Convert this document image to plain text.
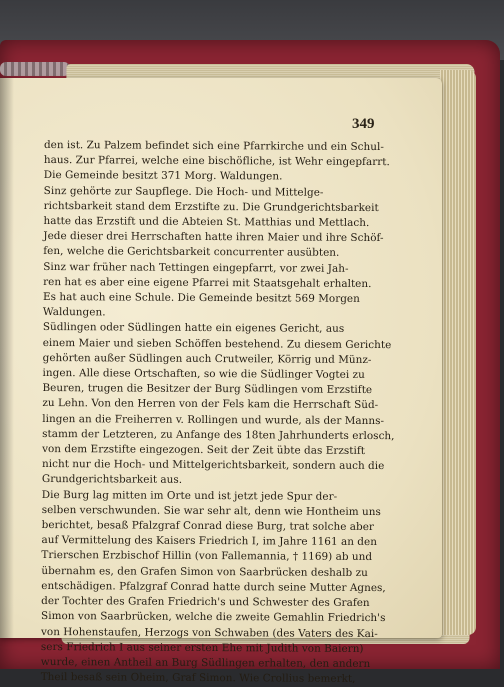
349
den ist. Zu Palzem befindet sich eine Pfarrkirche und ein Schul-
haus. Zur Pfarrei, welche eine bischöfliche, ist Wehr eingepfarrt.
Die Gemeinde besitzt 371 Morg. Waldungen.
Sinz gehörte zur Saupflege. Die Hoch- und Mittelge-
richtsbarkeit stand dem Erzstifte zu. Die Grundgerichtsbarkeit
hatte das Erzstift und die Abteien St. Matthias und Mettlach.
Jede dieser drei Herrschaften hatte ihren Maier und ihre Schöf-
fen, welche die Gerichtsbarkeit concurrenter ausübten.
Sinz war früher nach Tettingen eingepfarrt, vor zwei Jah-
ren hat es aber eine eigene Pfarrei mit Staatsgehalt erhalten.
Es hat auch eine Schule. Die Gemeinde besitzt 569 Morgen
Waldungen.
Südlingen oder Südlingen hatte ein eigenes Gericht, aus
einem Maier und sieben Schöffen bestehend. Zu diesem Gerichte
gehörten außer Südlingen auch Crutweiler, Körrig und Münz-
ingen. Alle diese Ortschaften, so wie die Südlinger Vogtei zu
Beuren, trugen die Besitzer der Burg Südlingen vom Erzstifte
zu Lehn. Von den Herren von der Fels kam die Herrschaft Süd-
lingen an die Freiherren v. Rollingen und wurde, als der Manns-
stamm der Letzteren, zu Anfange des 18ten Jahrhunderts erlosch,
von dem Erzstifte eingezogen. Seit der Zeit übte das Erzstift
nicht nur die Hoch- und Mittelgerichtsbarkeit, sondern auch die
Grundgerichtsbarkeit aus.
Die Burg lag mitten im Orte und ist jetzt jede Spur der-
selben verschwunden. Sie war sehr alt, denn wie Hontheim uns
berichtet, besaß Pfalzgraf Conrad diese Burg, trat solche aber
auf Vermittelung des Kaisers Friedrich I, im Jahre 1161 an den
Trierschen Erzbischof Hillin (von Fallemannia, † 1169) ab und
übernahm es, den Grafen Simon von Saarbrücken deshalb zu
entschädigen. Pfalzgraf Conrad hatte durch seine Mutter Agnes,
der Tochter des Grafen Friedrich's und Schwester des Grafen
Simon von Saarbrücken, welche die zweite Gemahlin Friedrich's
von Hohenstaufen, Herzogs von Schwaben (des Vaters des Kai-
sers Friedrich I aus seiner ersten Ehe mit Judith von Baiern)
wurde, einen Antheil an Burg Südlingen erhalten, den andern
Theil besaß sein Oheim, Graf Simon. Wie Crollius bemerkt,
